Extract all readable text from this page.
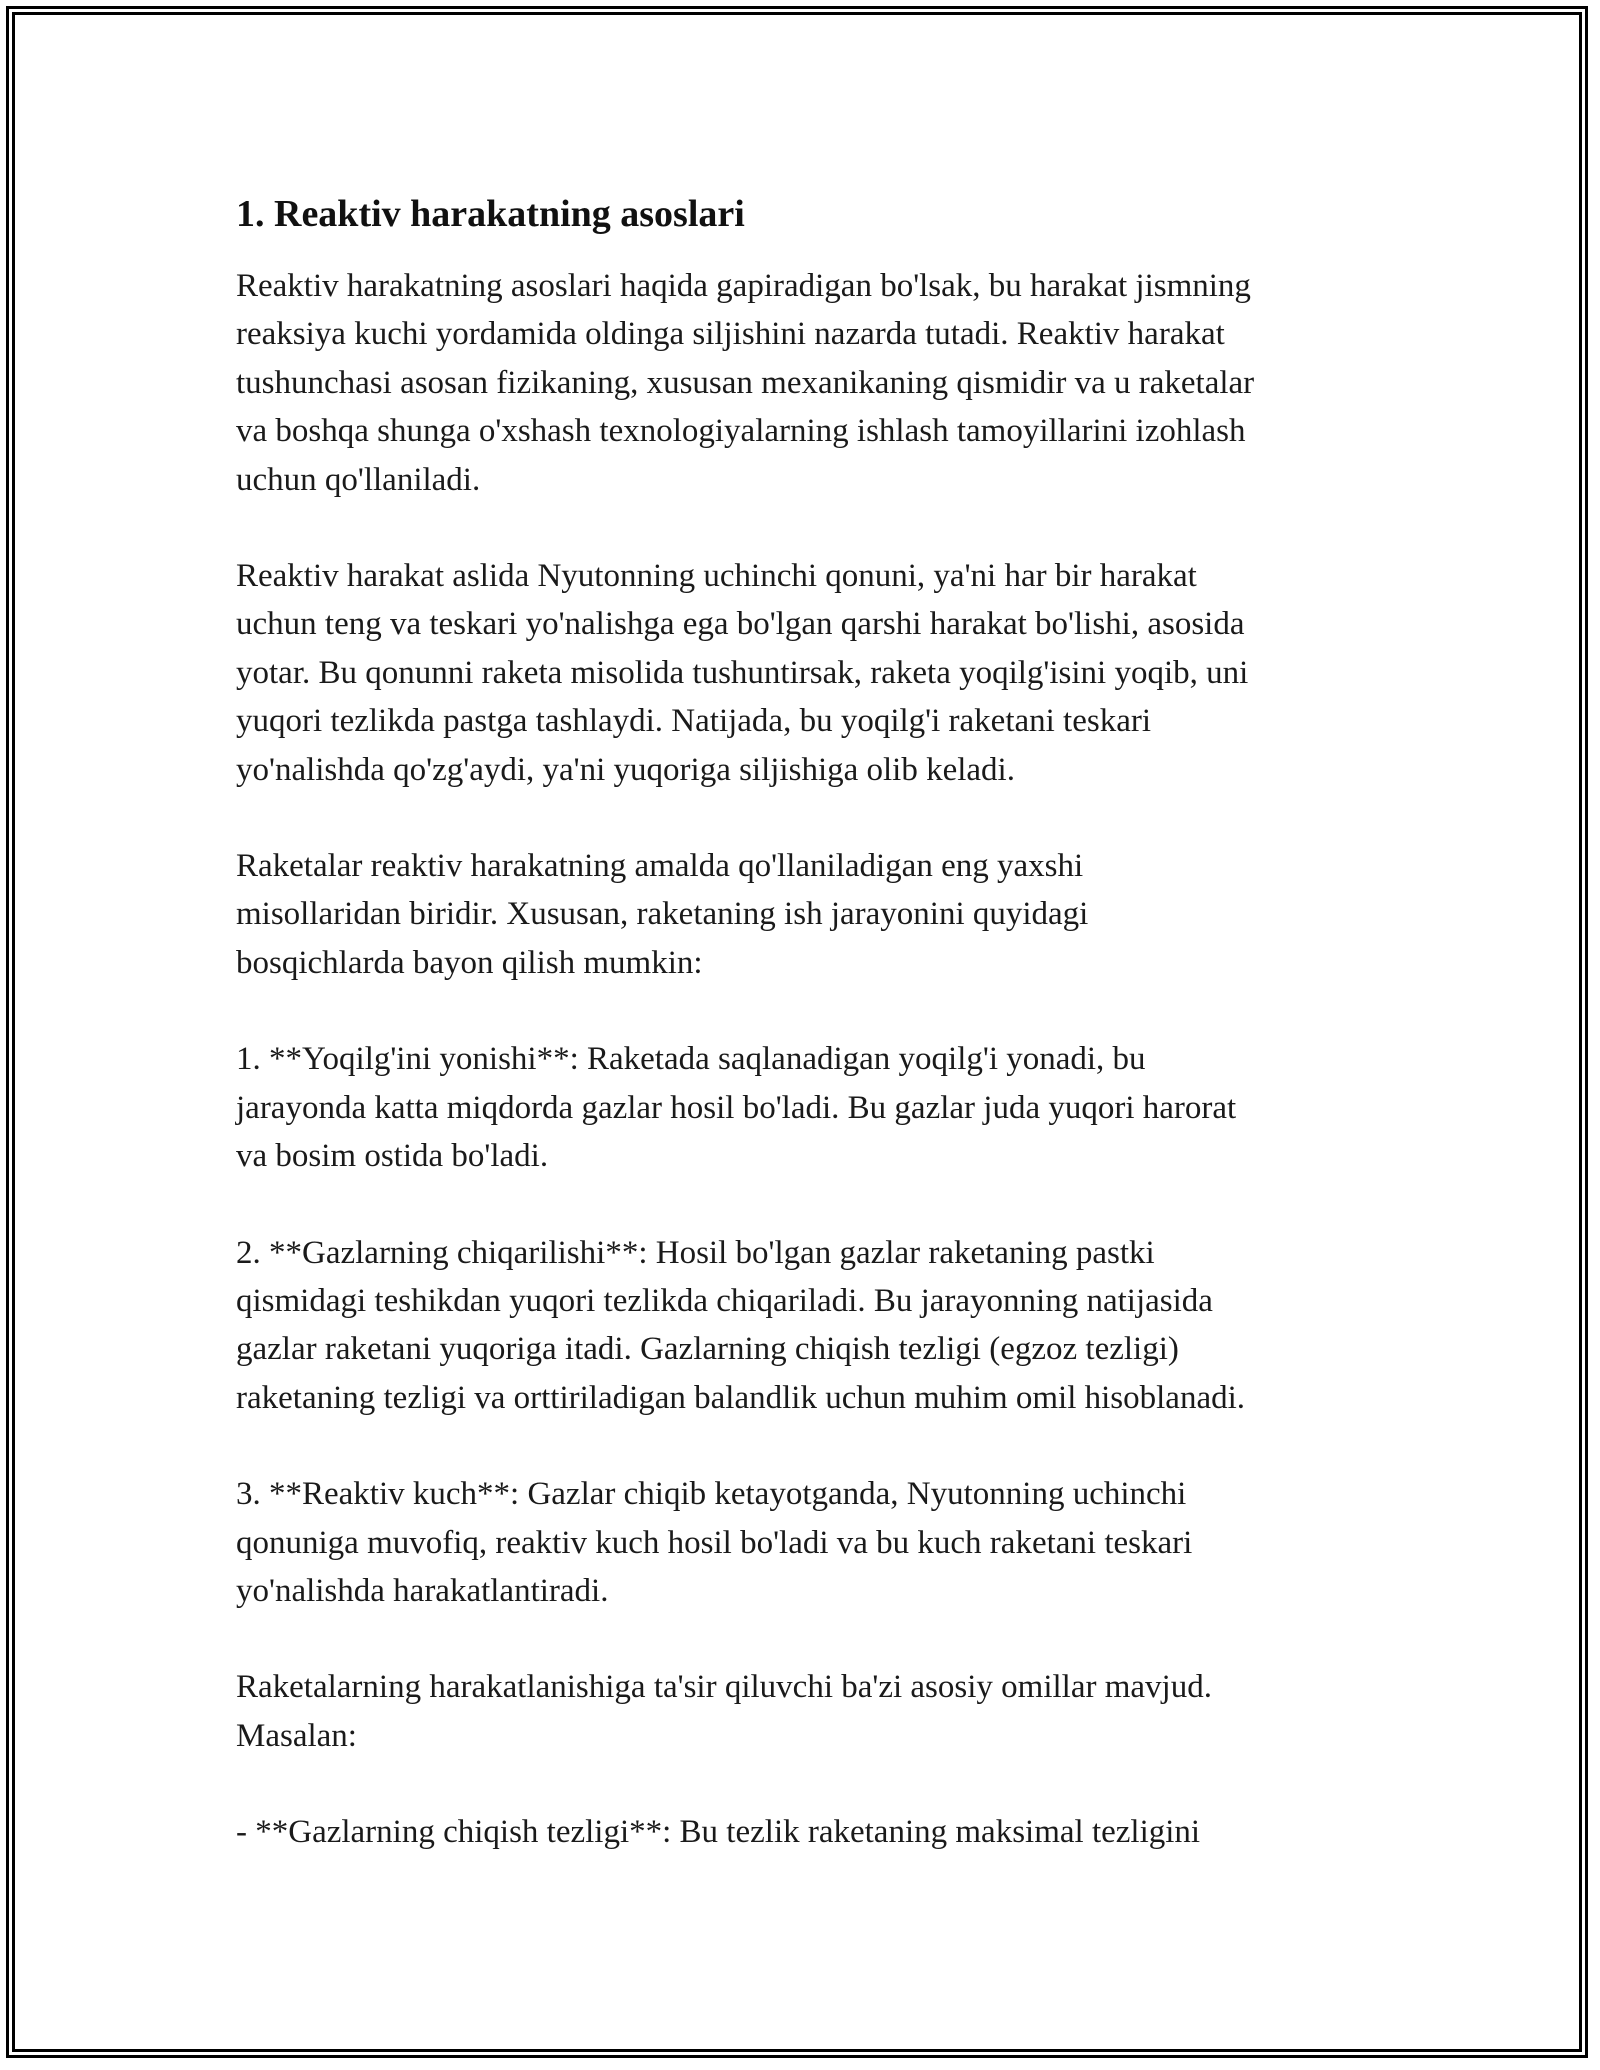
1. Reaktiv harakatning asoslari

Reaktiv harakatning asoslari haqida gapiradigan bo'lsak, bu harakat jismning
reaksiya kuchi yordamida oldinga siljishini nazarda tutadi. Reaktiv harakat
tushunchasi asosan fizikaning, xususan mexanikaning qismidir va u raketalar
va boshqa shunga o'xshash texnologiyalarning ishlash tamoyillarini izohlash
uchun qo'llaniladi.

Reaktiv harakat aslida Nyutonning uchinchi qonuni, ya'ni har bir harakat
uchun teng va teskari yo'nalishga ega bo'lgan qarshi harakat bo'lishi, asosida
yotar. Bu qonunni raketa misolida tushuntirsak, raketa yoqilg'isini yoqib, uni
yuqori tezlikda pastga tashlaydi. Natijada, bu yoqilg'i raketani teskari
yo'nalishda qo'zg'aydi, ya'ni yuqoriga siljishiga olib keladi.

Raketalar reaktiv harakatning amalda qo'llaniladigan eng yaxshi
misollaridan biridir. Xususan, raketaning ish jarayonini quyidagi
bosqichlarda bayon qilish mumkin:

1. **Yoqilg'ini yonishi**: Raketada saqlanadigan yoqilg'i yonadi, bu
jarayonda katta miqdorda gazlar hosil bo'ladi. Bu gazlar juda yuqori harorat
va bosim ostida bo'ladi.

2. **Gazlarning chiqarilishi**: Hosil bo'lgan gazlar raketaning pastki
qismidagi teshikdan yuqori tezlikda chiqariladi. Bu jarayonning natijasida
gazlar raketani yuqoriga itadi. Gazlarning chiqish tezligi (egzoz tezligi)
raketaning tezligi va orttiriladigan balandlik uchun muhim omil hisoblanadi.

3. **Reaktiv kuch**: Gazlar chiqib ketayotganda, Nyutonning uchinchi
qonuniga muvofiq, reaktiv kuch hosil bo'ladi va bu kuch raketani teskari
yo'nalishda harakatlantiradi.

Raketalarning harakatlanishiga ta'sir qiluvchi ba'zi asosiy omillar mavjud.
Masalan:

- **Gazlarning chiqish tezligi**: Bu tezlik raketaning maksimal tezligini
